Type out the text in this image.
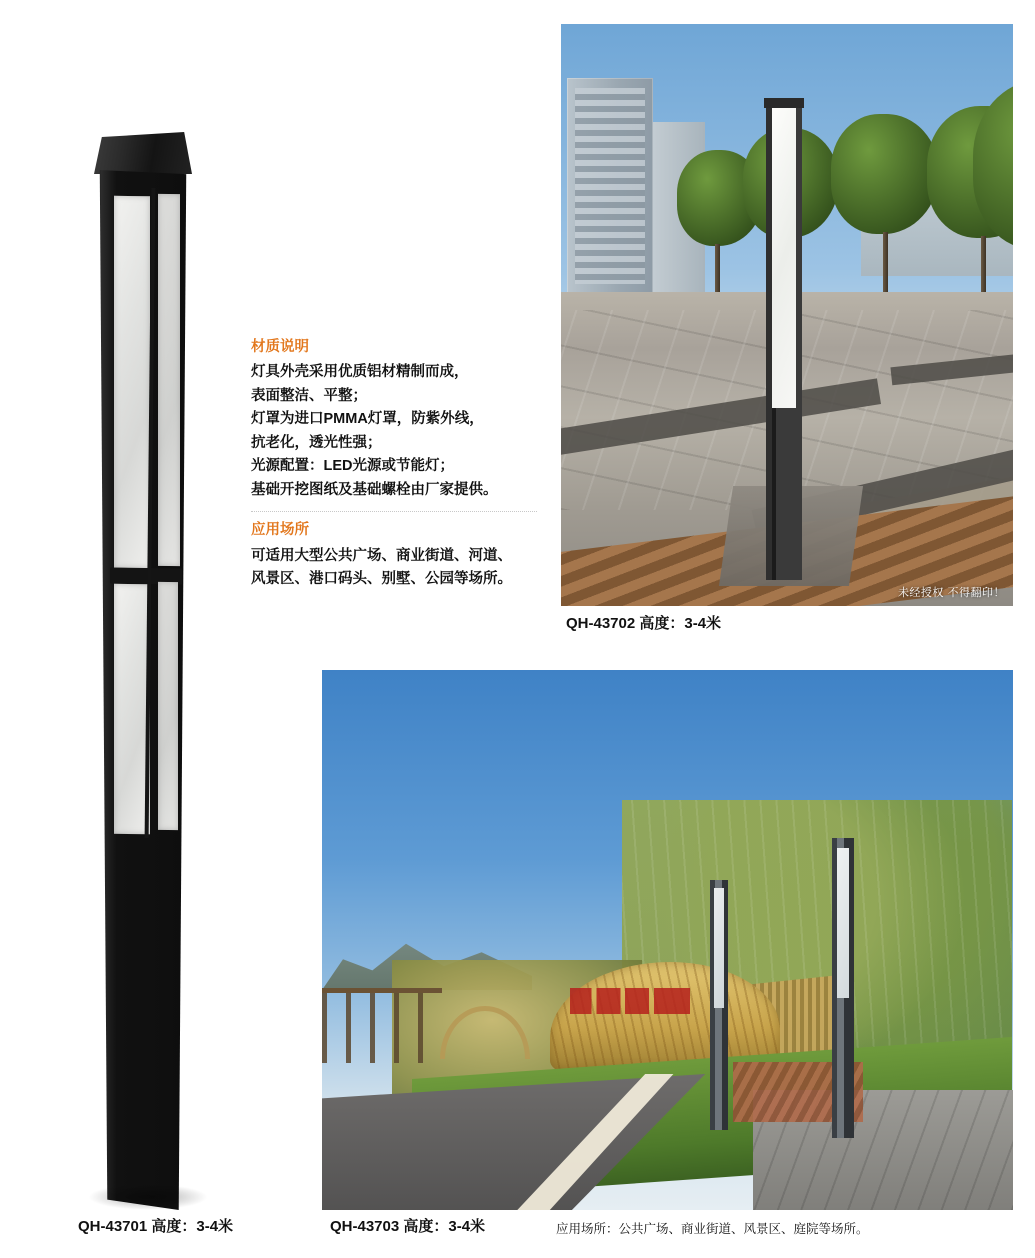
材质说明
灯具外壳采用优质铝材精制而成，
表面整洁、平整；
灯罩为进口PMMA灯罩，防紫外线，
抗老化，透光性强；
光源配置：LED光源或节能灯；
基础开挖图纸及基础螺栓由厂家提供。
应用场所
可适用大型公共广场、商业街道、河道、
风景区、港口码头、别墅、公园等场所。
未经授权 不得翻印！
QH-43702 高度：3-4米
QH-43701 高度：3-4米	QH-43703 高度：3-4米	应用场所：公共广场、商业街道、风景区、庭院等场所。
